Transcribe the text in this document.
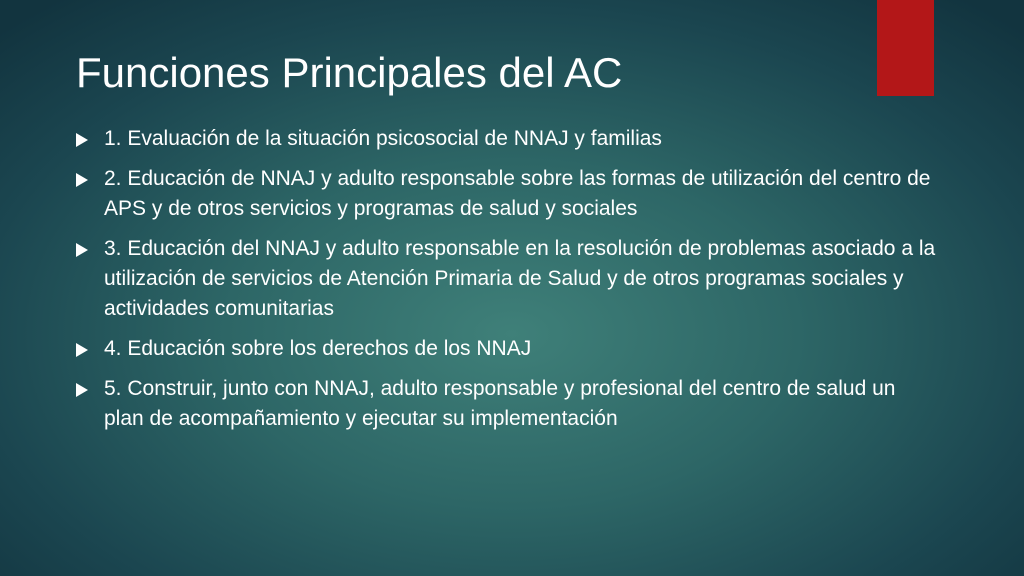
Funciones Principales del AC
1. Evaluación de la situación psicosocial de NNAJ y familias
2. Educación de NNAJ y adulto responsable sobre las formas de utilización del centro de APS y de otros servicios y programas de salud y sociales
3. Educación del NNAJ y adulto responsable en la resolución de problemas asociado a la utilización de servicios de Atención Primaria de Salud y de otros programas sociales y actividades comunitarias
4. Educación sobre los derechos de los NNAJ
5. Construir, junto con NNAJ, adulto responsable y profesional del centro de salud un plan de acompañamiento y ejecutar su implementación
